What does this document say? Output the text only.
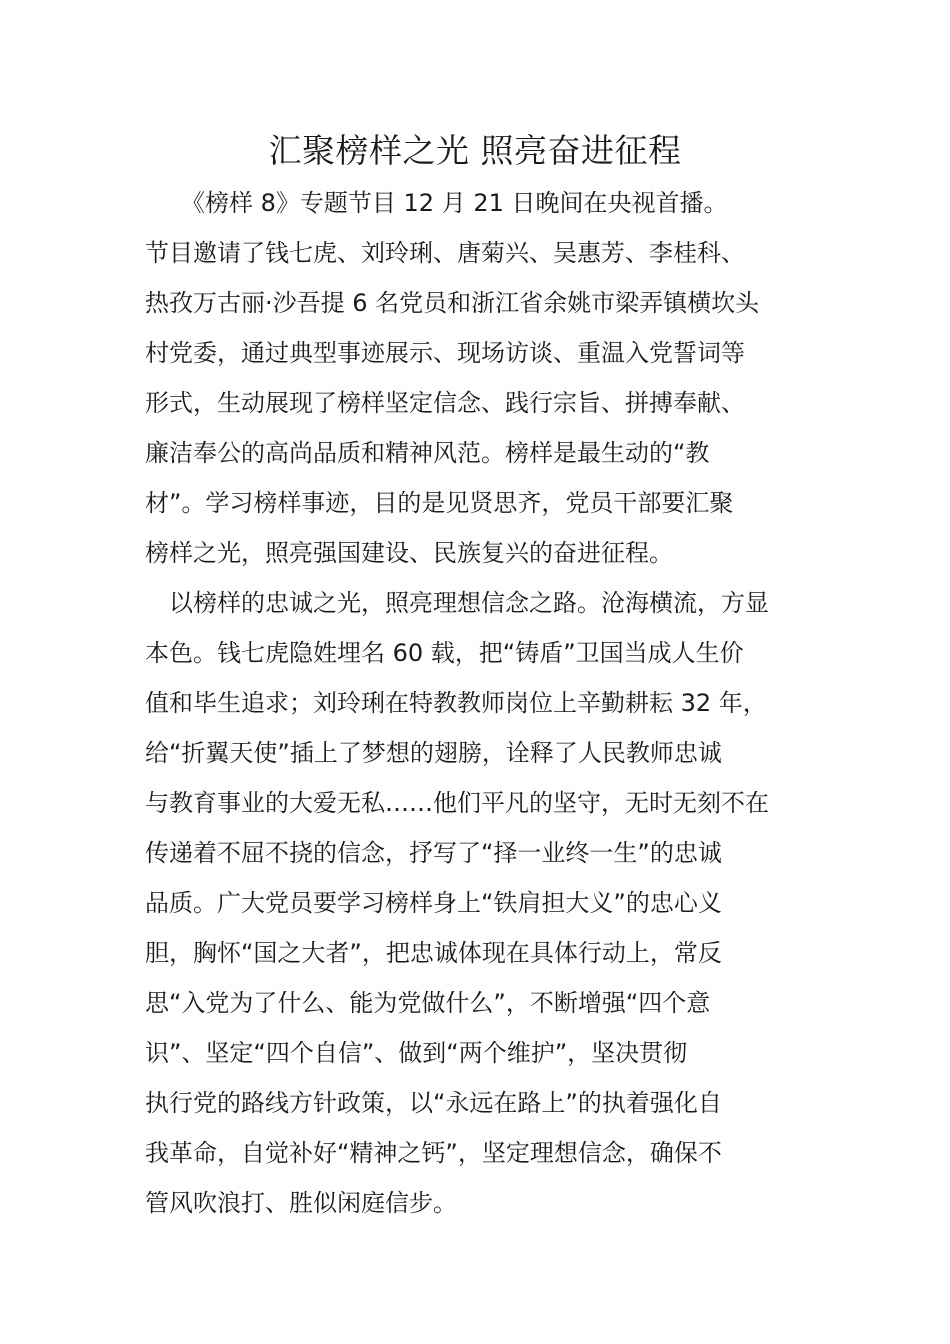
汇聚榜样之光 照亮奋进征程
　　《榜样 8》专题节目 12 月 21 日晚间在央视首播。
节目邀请了钱七虎、刘玲琍、唐菊兴、吴惠芳、李桂科、
热孜万古丽·沙吾提 6 名党员和浙江省余姚市梁弄镇横坎头
村党委，通过典型事迹展示、现场访谈、重温入党誓词等
形式，生动展现了榜样坚定信念、践行宗旨、拼搏奉献、
廉洁奉公的高尚品质和精神风范。榜样是最生动的“教
材”。学习榜样事迹，目的是见贤思齐，党员干部要汇聚
榜样之光，照亮强国建设、民族复兴的奋进征程。
　以榜样的忠诚之光，照亮理想信念之路。沧海横流，方显
本色。钱七虎隐姓埋名 60 载，把“铸盾”卫国当成人生价
值和毕生追求；刘玲琍在特教教师岗位上辛勤耕耘 32 年，
给“折翼天使”插上了梦想的翅膀，诠释了人民教师忠诚
与教育事业的大爱无私……他们平凡的坚守，无时无刻不在
传递着不屈不挠的信念，抒写了“择一业终一生”的忠诚
品质。广大党员要学习榜样身上“铁肩担大义”的忠心义
胆，胸怀“国之大者”，把忠诚体现在具体行动上，常反
思“入党为了什么、能为党做什么”，不断增强“四个意
识”、坚定“四个自信”、做到“两个维护”，坚决贯彻
执行党的路线方针政策，以“永远在路上”的执着强化自
我革命，自觉补好“精神之钙”，坚定理想信念，确保不
管风吹浪打、胜似闲庭信步。
